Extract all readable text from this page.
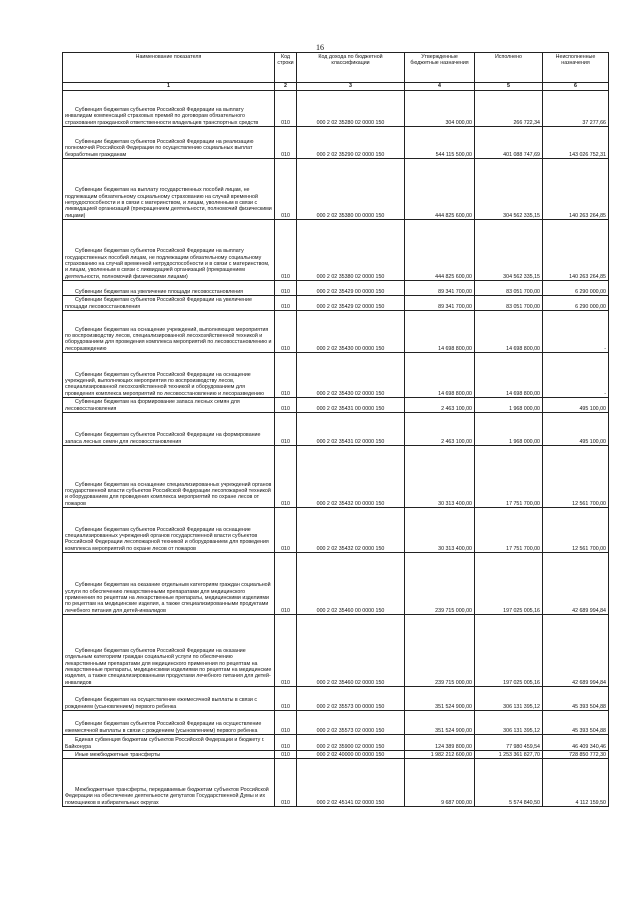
16
Наименование показателя	Код строки	Код дохода по бюджетной классификации	Утвержденные бюджетные назначения	Исполнено	Неисполненные назначения
1	2	3	4	5	6
Субвенция бюджетам субъектов Российской Федерации на выплату инвалидам компенсаций страховых премий по договорам обязательного страхования гражданской ответственности владельцев транспортных средств	010	000 2 02 35280 02 0000 150	304 000,00	266 722,34	37 277,66
Субвенции бюджетам субъектов Российской Федерации на реализацию полномочий Российской Федерации по осуществлению социальных выплат безработным гражданам	010	000 2 02 35290 02 0000 150	544 115 500,00	401 088 747,69	143 026 752,31
Субвенции бюджетам на выплату государственных пособий лицам, не подлежащим обязательному социальному страхованию на случай временной нетрудоспособности и в связи с материнством, и лицам, уволенным в связи с ликвидацией организаций (прекращением деятельности, полномочий физическими лицами)	010	000 2 02 35380 00 0000 150	444 825 600,00	304 562 335,15	140 263 264,85
Субвенции бюджетам субъектов Российской Федерации на выплату государственных пособий лицам, не подлежащим обязательному социальному страхованию на случай временной нетрудоспособности и в связи с материнством, и лицам, уволенным в связи с ликвидацией организаций (прекращением деятельности, полномочий физическими лицами)	010	000 2 02 35380 02 0000 150	444 825 600,00	304 562 335,15	140 263 264,85
Субвенции бюджетам на увеличение площади лесовосстановления	010	000 2 02 35429 00 0000 150	89 341 700,00	83 051 700,00	6 290 000,00
Субвенции бюджетам субъектов Российской Федерации на увеличение площади лесовосстановления	010	000 2 02 35429 02 0000 150	89 341 700,00	83 051 700,00	6 290 000,00
Субвенции бюджетам на оснащение учреждений, выполняющих мероприятия по воспроизводству лесов, специализированной лесохозяйственной техникой и оборудованием для проведения комплекса мероприятий по лесовосстановлению и лесоразведению	010	000 2 02 35430 00 0000 150	14 698 800,00	14 698 800,00	-
Субвенции бюджетам субъектов Российской Федерации на оснащение учреждений, выполняющих мероприятия по воспроизводству лесов, специализированной лесохозяйственной техникой и оборудованием для проведения комплекса мероприятий по лесовосстановлению и лесоразведению	010	000 2 02 35430 02 0000 150	14 698 800,00	14 698 800,00	-
Субвенции бюджетам на формирование запаса лесных семян для лесовосстановления	010	000 2 02 35431 00 0000 150	2 463 100,00	1 968 000,00	495 100,00
Субвенции бюджетам субъектов Российской Федерации на формирование запаса лесных семян для лесовосстановления	010	000 2 02 35431 02 0000 150	2 463 100,00	1 968 000,00	495 100,00
Субвенции бюджетам на оснащение специализированных учреждений органов государственной власти субъектов Российской Федерации лесопожарной техникой и оборудованием для проведения комплекса мероприятий по охране лесов от пожаров	010	000 2 02 35432 00 0000 150	30 313 400,00	17 751 700,00	12 561 700,00
Субвенции бюджетам субъектов Российской Федерации на оснащение специализированных учреждений органов государственной власти субъектов Российской Федерации лесопожарной техникой и оборудованием для проведения комплекса мероприятий по охране лесов от пожаров	010	000 2 02 35432 02 0000 150	30 313 400,00	17 751 700,00	12 561 700,00
Субвенции бюджетам на оказание отдельным категориям граждан социальной услуги по обеспечению лекарственными препаратами для медицинского применения по рецептам на лекарственные препараты, медицинскими изделиями по рецептам на медицинские изделия, а также специализированными продуктами лечебного питания для детей-инвалидов	010	000 2 02 35460 00 0000 150	239 715 000,00	197 025 005,16	42 689 994,84
Субвенции бюджетам субъектов Российской Федерации на оказание отдельным категориям граждан социальной услуги по обеспечению лекарственными препаратами для медицинского применения по рецептам на лекарственные препараты, медицинскими изделиями по рецептам на медицинские изделия, а также специализированными продуктами лечебного питания для детей-инвалидов	010	000 2 02 35460 02 0000 150	239 715 000,00	197 025 005,16	42 689 994,84
Субвенции бюджетам на осуществление ежемесячной выплаты в связи с рождением (усыновлением) первого ребенка	010	000 2 02 35573 00 0000 150	351 524 900,00	306 131 395,12	45 393 504,88
Субвенции бюджетам субъектов Российской Федерации на осуществление ежемесячной выплаты в связи с рождением (усыновлением) первого ребенка	010	000 2 02 35573 02 0000 150	351 524 900,00	306 131 395,12	45 393 504,88
Единая субвенция бюджетам субъектов Российской Федерации и бюджету г. Байконура	010	000 2 02 35900 02 0000 150	124 389 800,00	77 980 459,54	46 409 340,46
Иные межбюджетные трансферты	010	000 2 02 40000 00 0000 150	1 982 212 600,00	1 253 361 827,70	728 850 772,30
Межбюджетные трансферты, передаваемые бюджетам субъектов Российской Федерации на обеспечение деятельности депутатов Государственной Думы и их помощников в избирательных округах	010	000 2 02 45141 02 0000 150	9 687 000,00	5 574 840,50	4 112 159,50
